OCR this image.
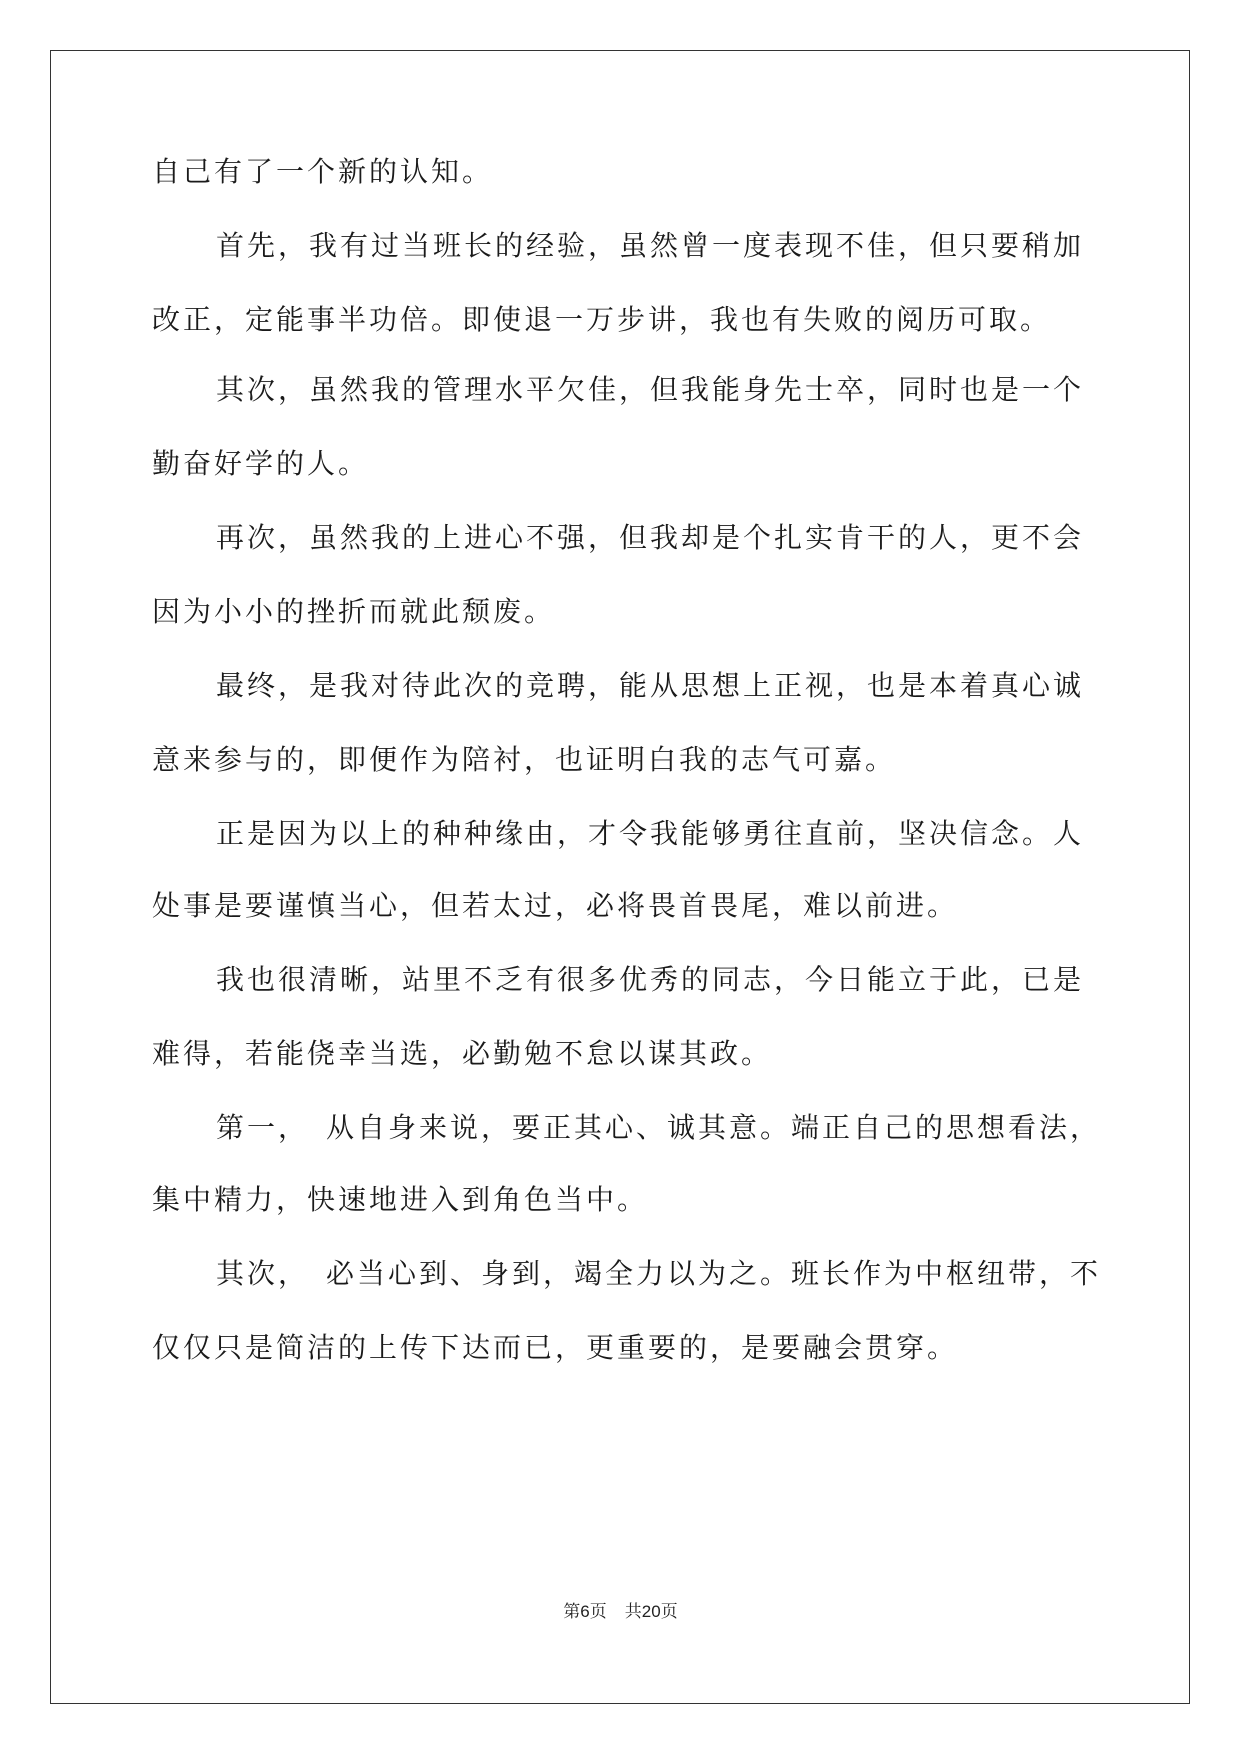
自己有了一个新的认知。
首先，我有过当班长的经验，虽然曾一度表现不佳，但只要稍加
改正，定能事半功倍。即使退一万步讲，我也有失败的阅历可取。
其次，虽然我的管理水平欠佳，但我能身先士卒，同时也是一个
勤奋好学的人。
再次，虽然我的上进心不强，但我却是个扎实肯干的人，更不会
因为小小的挫折而就此颓废。
最终，是我对待此次的竞聘，能从思想上正视，也是本着真心诚
意来参与的，即便作为陪衬，也证明白我的志气可嘉。
正是因为以上的种种缘由，才令我能够勇往直前，坚决信念。人
处事是要谨慎当心，但若太过，必将畏首畏尾，难以前进。
我也很清晰，站里不乏有很多优秀的同志，今日能立于此，已是
难得，若能侥幸当选，必勤勉不怠以谋其政。
第一，　从自身来说，要正其心、诚其意。端正自己的思想看法，
集中精力，快速地进入到角色当中。
其次，　必当心到、身到，竭全力以为之。班长作为中枢纽带，不
仅仅只是简洁的上传下达而已，更重要的，是要融会贯穿。
第6页 共20页
